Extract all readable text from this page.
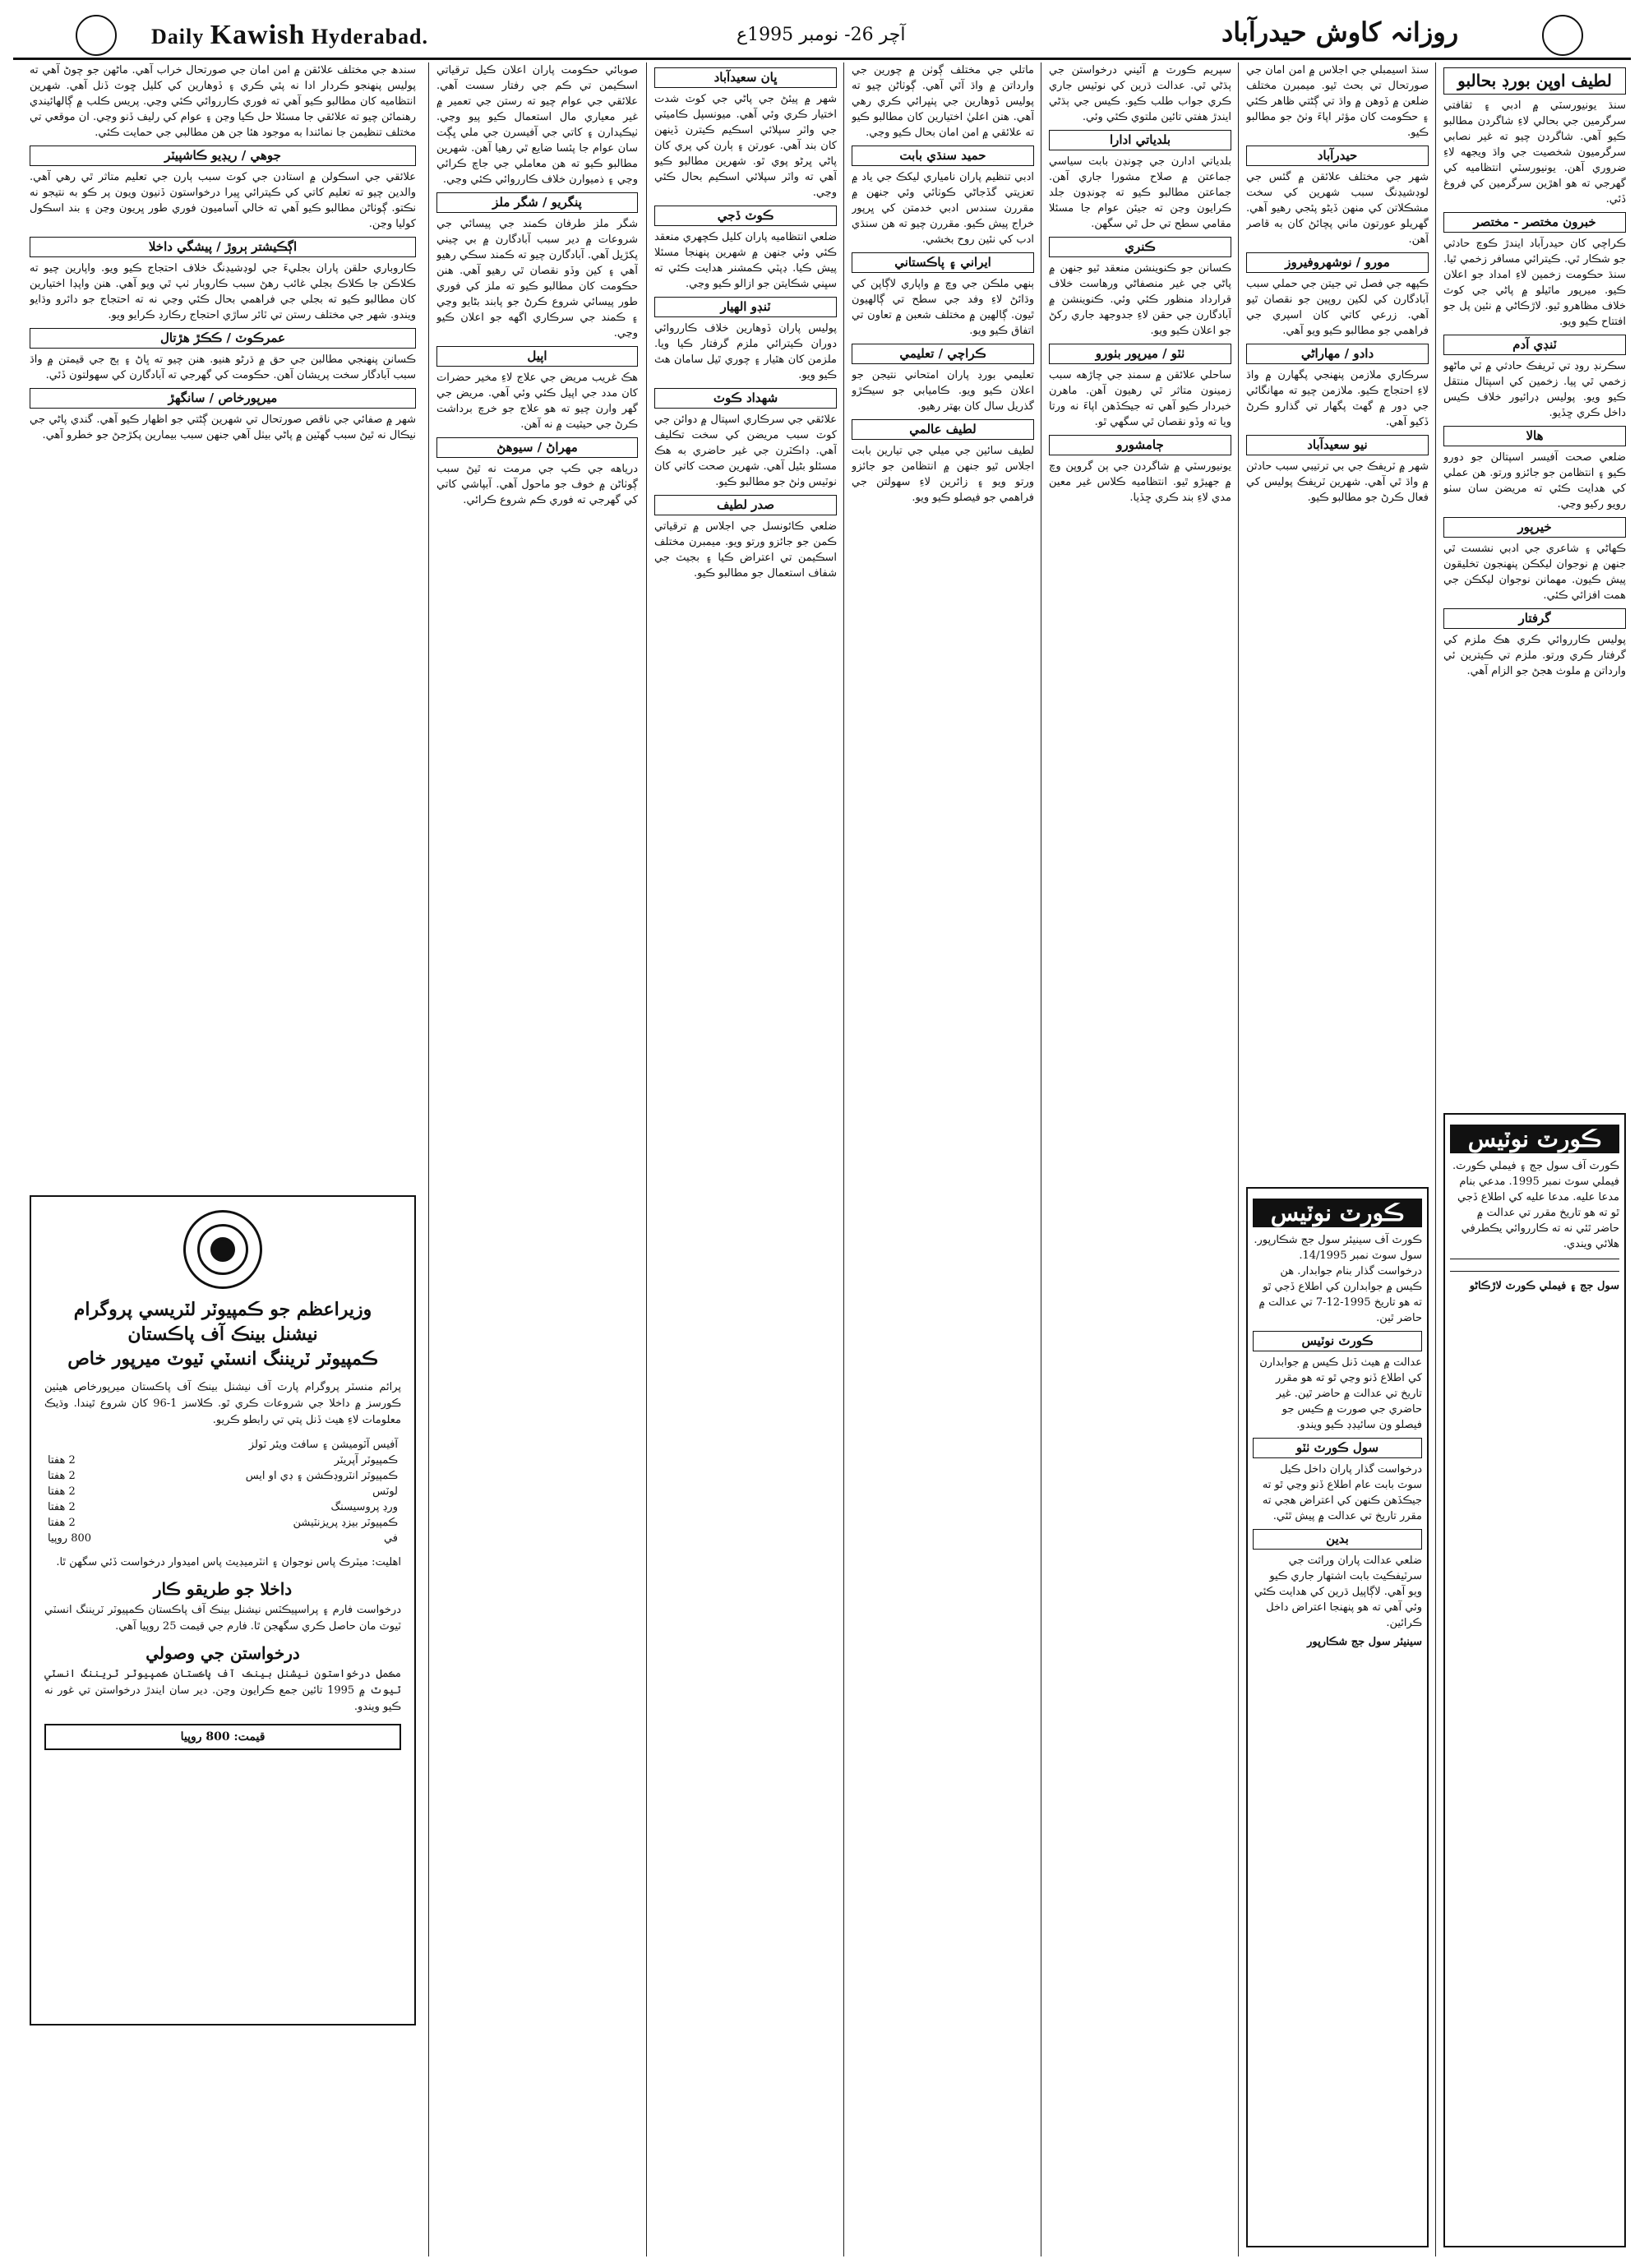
Daily Kawish Hyderabad.	آچر 26- نومبر 1995ع	روزانہ کاوش حیدرآباد
سندھ جي مختلف علائقن ۾ امن امان جي صورتحال خراب آهي. ماڻهن جو چوڻ آهي ته پوليس پنهنجو ڪردار ادا نه پئي ڪري ۽ ڏوهارين کي کليل ڇوٽ ڏنل آهي. شهرين انتظاميه کان مطالبو ڪيو آهي ته فوري ڪارروائي ڪئي وڃي. پريس ڪلب ۾ ڳالهائيندي رهنمائن چيو ته علائقي جا مسئلا حل ڪيا وڃن ۽ عوام کي رليف ڏنو وڃي. ان موقعي تي مختلف تنظيمن جا نمائندا به موجود هئا جن هن مطالبي جي حمايت ڪئي.
جوهي / ريڊيو ڪاشپيٽر
علائقي جي اسڪولن ۾ استادن جي کوٽ سبب ٻارن جي تعليم متاثر ٿي رهي آهي. والدين چيو ته تعليم کاتي کي ڪيترائي ڀيرا درخواستون ڏنيون ويون پر ڪو به نتيجو نه نڪتو. ڳوٺاڻن مطالبو ڪيو آهي ته خالي آساميون فوري طور ڀريون وڃن ۽ بند اسڪول کوليا وڃن.
اڳڪيشتر ٻروڙ / پيشگي داخلا
ڪاروباري حلقن پاران بجليءَ جي لوڊشيڊنگ خلاف احتجاج ڪيو ويو. واپارين چيو ته ڪلاڪن جا ڪلاڪ بجلي غائب رهڻ سبب ڪاروبار ٺپ ٿي ويو آهي. هنن واپڊا اختيارين کان مطالبو ڪيو ته بجلي جي فراهمي بحال ڪئي وڃي نه ته احتجاج جو دائرو وڌايو ويندو. شهر جي مختلف رستن تي ٽائر ساڙي احتجاج رڪارڊ ڪرايو ويو.
عمرڪوٽ / ڪڪڙ هڙتال
ڪسانن پنهنجي مطالبن جي حق ۾ ڌرڻو هنيو. هنن چيو ته ڀاڻ ۽ ٻج جي قيمتن ۾ واڌ سبب آبادگار سخت پريشان آهن. حڪومت کي گهرجي ته آبادگارن کي سهولتون ڏئي.
ميرپورخاص / سانگهڙ
شهر ۾ صفائي جي ناقص صورتحال تي شهرين ڳڻتي جو اظهار ڪيو آهي. گندي پاڻي جي نيڪال نه ٿيڻ سبب گهٽين ۾ پاڻي بيٺل آهي جنهن سبب بيمارين پکڙجڻ جو خطرو آهي.
وزيراعظم جو ڪمپيوٽر لٽريسي پروگرام
نيشنل بينڪ آف پاڪستان
ڪمپيوٽر ٽريننگ انسٽي ٽيوٽ ميرپور خاص
پرائم منسٽر پروگرام پارٽ آف نيشنل بينڪ آف پاڪستان ميرپورخاص هيٺين ڪورسز ۾ داخلا جي شروعات ڪري ٿو. ڪلاسز 1-96 کان شروع ٿيندا. وڌيڪ معلومات لاءِ هيٺ ڏنل پتي تي رابطو ڪريو.
آفيس آٽوميشن ۽ سافٽ ويئر ٽولز	
ڪمپيوٽر آپريٽر	2 هفتا
ڪمپيوٽر انٽروڊڪشن ۽ ڊي او ايس	2 هفتا
لوٽس	2 هفتا
ورڊ پروسيسنگ	2 هفتا
ڪمپيوٽر بيزڊ پريزنٽيشن	2 هفتا
في	800 روپيا
اهليت: ميٽرڪ پاس نوجوان ۽ انٽرميڊيٽ پاس اميدوار درخواست ڏئي سگهن ٿا.
داخلا جو طريقو ڪار
درخواست فارم ۽ پراسپيڪٽس نيشنل بينڪ آف پاڪستان ڪمپيوٽر ٽريننگ انسٽي ٽيوٽ مان حاصل ڪري سگهجن ٿا. فارم جي قيمت 25 روپيا آهي.
درخواستن جي وصولي
مڪمل درخواستون نيشنل بينڪ آف پاڪستان ڪمپيوٽر ٽريننگ انسٽي ٽيوٽ ۾ 1995 تائين جمع ڪرايون وڃن. دير سان ايندڙ درخواستن تي غور نه ڪيو ويندو.
قيمت: 800 روپيا
صوبائي حڪومت پاران اعلان ڪيل ترقياتي اسڪيمن تي ڪم جي رفتار سست آهي. علائقي جي عوام چيو ته رستن جي تعمير ۾ غير معياري مال استعمال ڪيو پيو وڃي. ٺيڪيدارن ۽ کاتي جي آفيسرن جي ملي ڀڳت سان عوام جا پئسا ضايع ٿي رهيا آهن. شهرين مطالبو ڪيو ته هن معاملي جي جاچ ڪرائي وڃي ۽ ذميوارن خلاف ڪارروائي ڪئي وڃي.
پنگريو / شگر ملز
شگر ملز طرفان ڪمند جي پيسائي جي شروعات ۾ دير سبب آبادگارن ۾ بي چيني پکڙيل آهي. آبادگارن چيو ته ڪمند سڪي رهيو آهي ۽ کين وڏو نقصان ٿي رهيو آهي. هنن حڪومت کان مطالبو ڪيو ته ملز کي فوري طور پيسائي شروع ڪرڻ جو پابند بڻايو وڃي ۽ ڪمند جي سرڪاري اگهه جو اعلان ڪيو وڃي.
اپيل
هڪ غريب مريض جي علاج لاءِ مخير حضرات کان مدد جي اپيل ڪئي وئي آهي. مريض جي گهر وارن چيو ته هو علاج جو خرچ برداشت ڪرڻ جي حيثيت ۾ نه آهن.
مهراڻ / سيوهڻ
درياهه جي ڪپ جي مرمت نه ٿيڻ سبب ڳوٺاڻن ۾ خوف جو ماحول آهي. آبپاشي کاتي کي گهرجي ته فوري ڪم شروع ڪرائي.
ڀان سعيدآباد
شهر ۾ پيئڻ جي پاڻي جي کوٽ شدت اختيار ڪري وئي آهي. ميونسپل ڪاميٽي جي واٽر سپلائي اسڪيم ڪيترن ڏينهن کان بند آهي. عورتن ۽ ٻارن کي پري کان پاڻي ڀرڻو پوي ٿو. شهرين مطالبو ڪيو آهي ته واٽر سپلائي اسڪيم بحال ڪئي وڃي.
ڪوٽ ڏجي
ضلعي انتظاميه پاران کليل ڪچهري منعقد ڪئي وئي جنهن ۾ شهرين پنهنجا مسئلا پيش ڪيا. ڊپٽي ڪمشنر هدايت ڪئي ته سڀني شڪايتن جو ازالو ڪيو وڃي.
ٽنڊو الهيار
پوليس پاران ڏوهارين خلاف ڪارروائي دوران ڪيترائي ملزم گرفتار ڪيا ويا. ملزمن کان هٿيار ۽ چوري ٿيل سامان هٿ ڪيو ويو.
شهداد ڪوٽ
علائقي جي سرڪاري اسپتال ۾ دوائن جي کوٽ سبب مريضن کي سخت تڪليف آهي. ڊاڪٽرن جي غير حاضري به هڪ مسئلو بڻيل آهي. شهرين صحت کاتي کان نوٽيس وٺڻ جو مطالبو ڪيو.
صدر لطيف
ضلعي ڪائونسل جي اجلاس ۾ ترقياتي ڪمن جو جائزو ورتو ويو. ميمبرن مختلف اسڪيمن تي اعتراض ڪيا ۽ بجيٽ جي شفاف استعمال جو مطالبو ڪيو.
ماتلي جي مختلف ڳوٺن ۾ چورين جي وارداتن ۾ واڌ آئي آهي. ڳوٺاڻن چيو ته پوليس ڏوهارين جي پٺڀرائي ڪري رهي آهي. هنن اعليٰ اختيارين کان مطالبو ڪيو ته علائقي ۾ امن امان بحال ڪيو وڃي.
حميد سنڌي بابت
ادبي تنظيم پاران نامياري ليکڪ جي ياد ۾ تعزيتي گڏجاڻي ڪوٺائي وئي جنهن ۾ مقررن سندس ادبي خدمتن کي ڀرپور خراج پيش ڪيو. مقررن چيو ته هن سنڌي ادب کي نئين روح بخشي.
ايراني ۽ پاڪستاني
ٻنهي ملڪن جي وچ ۾ واپاري لاڳاپن کي وڌائڻ لاءِ وفد جي سطح تي ڳالهيون ٿيون. ڳالهين ۾ مختلف شعبن ۾ تعاون تي اتفاق ڪيو ويو.
ڪراچي / تعليمي
تعليمي بورڊ پاران امتحاني نتيجن جو اعلان ڪيو ويو. ڪاميابي جو سيڪڙو گذريل سال کان بهتر رهيو.
لطيف عالمي
لطيف سائين جي ميلي جي تيارين بابت اجلاس ٿيو جنهن ۾ انتظامن جو جائزو ورتو ويو ۽ زائرين لاءِ سهولتن جي فراهمي جو فيصلو ڪيو ويو.
سپريم ڪورٽ ۾ آئيني درخواستن جي ٻڌڻي ٿي. عدالت ڌرين کي نوٽيس جاري ڪري جواب طلب ڪيو. ڪيس جي ٻڌڻي ايندڙ هفتي تائين ملتوي ڪئي وئي.
بلدياتي ادارا
بلدياتي ادارن جي چونڊن بابت سياسي جماعتن ۾ صلاح مشورا جاري آهن. جماعتن مطالبو ڪيو ته چونڊون جلد ڪرايون وڃن ته جيئن عوام جا مسئلا مقامي سطح تي حل ٿي سگهن.
ڪنري
ڪسانن جو ڪنوينشن منعقد ٿيو جنهن ۾ پاڻي جي غير منصفاڻي ورهاست خلاف قرارداد منظور ڪئي وئي. ڪنوينشن ۾ آبادگارن جي حقن لاءِ جدوجهد جاري رکڻ جو اعلان ڪيو ويو.
ٺٽو / ميرپور بٺورو
ساحلي علائقن ۾ سمنڊ جي چاڙهه سبب زمينون متاثر ٿي رهيون آهن. ماهرن خبردار ڪيو آهي ته جيڪڏهن اپاءَ نه ورتا ويا ته وڏو نقصان ٿي سگهي ٿو.
ڄامشورو
يونيورسٽي ۾ شاگردن جي ٻن گروپن وچ ۾ جهيڙو ٿيو. انتظاميه ڪلاس غير معين مدي لاءِ بند ڪري ڇڏيا.
سنڌ اسيمبلي جي اجلاس ۾ امن امان جي صورتحال تي بحث ٿيو. ميمبرن مختلف ضلعن ۾ ڏوهن ۾ واڌ تي ڳڻتي ظاهر ڪئي ۽ حڪومت کان مؤثر اپاءَ وٺڻ جو مطالبو ڪيو.
حيدرآباد
شهر جي مختلف علائقن ۾ گئس جي لوڊشيڊنگ سبب شهرين کي سخت مشڪلاتن کي منهن ڏيڻو پئجي رهيو آهي. گهريلو عورتون ماني پچائڻ کان به قاصر آهن.
مورو / نوشهروفيروز
ڪپهه جي فصل تي جيتن جي حملي سبب آبادگارن کي لکين روپين جو نقصان ٿيو آهي. زرعي کاتي کان اسپري جي فراهمي جو مطالبو ڪيو ويو آهي.
دادو / مهاراڻي
سرڪاري ملازمن پنهنجي پگهارن ۾ واڌ لاءِ احتجاج ڪيو. ملازمن چيو ته مهانگائي جي دور ۾ گهٽ پگهار تي گذارو ڪرڻ ڏکيو آهي.
نيو سعيدآباد
شهر ۾ ٽريفڪ جي بي ترتيبي سبب حادثن ۾ واڌ ٿي آهي. شهرين ٽريفڪ پوليس کي فعال ڪرڻ جو مطالبو ڪيو.
ڪورٽ نوٽيس
ڪورٽ آف سينيئر سول جج شڪارپور. سول سوٽ نمبر 14/1995. درخواست گذار بنام جوابدار. هن ڪيس ۾ جوابدارن کي اطلاع ڏجي ٿو ته هو تاريخ 1995-12-7 تي عدالت ۾ حاضر ٿين.
ڪورٽ نوٽيس
عدالت ۾ هيٺ ڏنل ڪيس ۾ جوابدارن کي اطلاع ڏنو وڃي ٿو ته هو مقرر تاريخ تي عدالت ۾ حاضر ٿين. غير حاضري جي صورت ۾ ڪيس جو فيصلو ون سائيڊڊ ڪيو ويندو.
سول ڪورٽ ٺٽو
درخواست گذار پاران داخل ڪيل سوٽ بابت عام اطلاع ڏنو وڃي ٿو ته جيڪڏهن ڪنهن کي اعتراض هجي ته مقرر تاريخ تي عدالت ۾ پيش ٿئي.
بدين
ضلعي عدالت پاران وراثت جي سرٽيفڪيٽ بابت اشتهار جاري ڪيو ويو آهي. لاڳاپيل ڌرين کي هدايت ڪئي وئي آهي ته هو پنهنجا اعتراض داخل ڪرائين.
سينيئر سول جج شڪارپور
لطيف اوپن بورڊ بحالبو
سنڌ يونيورسٽي ۾ ادبي ۽ ثقافتي سرگرمين جي بحالي لاءِ شاگردن مطالبو ڪيو آهي. شاگردن چيو ته غير نصابي سرگرميون شخصيت جي واڌ ويجهه لاءِ ضروري آهن. يونيورسٽي انتظاميه کي گهرجي ته هو اهڙين سرگرمين کي فروغ ڏئي.
خبرون مختصر - مختصر
ڪراچي کان حيدرآباد ايندڙ ڪوچ حادثي جو شڪار ٿي. ڪيترائي مسافر زخمي ٿيا. سنڌ حڪومت زخمين لاءِ امداد جو اعلان ڪيو. ميرپور ماٿيلو ۾ پاڻي جي کوٽ خلاف مظاهرو ٿيو. لاڙڪاڻي ۾ نئين پل جو افتتاح ڪيو ويو.
ٽنڊي آدم
سڪرنڊ روڊ تي ٽريفڪ حادثي ۾ ٽي ماڻهو زخمي ٿي پيا. زخمين کي اسپتال منتقل ڪيو ويو. پوليس ڊرائيور خلاف ڪيس داخل ڪري ڇڏيو.
هالا
ضلعي صحت آفيسر اسپتالن جو دورو ڪيو ۽ انتظامن جو جائزو ورتو. هن عملي کي هدايت ڪئي ته مريضن سان سٺو رويو رکيو وڃي.
خيرپور
ڪهاڻي ۽ شاعري جي ادبي نشست ٿي جنهن ۾ نوجوان ليکڪن پنهنجون تخليقون پيش ڪيون. مهمانن نوجوان ليکڪن جي همت افزائي ڪئي.
گرفتار
پوليس ڪارروائي ڪري هڪ ملزم کي گرفتار ڪري ورتو. ملزم تي ڪيترين ئي وارداتن ۾ ملوث هجڻ جو الزام آهي.
ڪورٽ نوٽيس
ڪورٽ آف سول جج ۽ فيملي ڪورٽ. فيملي سوٽ نمبر 1995. مدعي بنام مدعا عليه. مدعا عليه کي اطلاع ڏجي ٿو ته هو تاريخ مقرر تي عدالت ۾ حاضر ٿئي نه ته ڪارروائي يڪطرفي هلائي ويندي.
سول جج ۽ فيملي ڪورٽ لاڙڪاڻو
